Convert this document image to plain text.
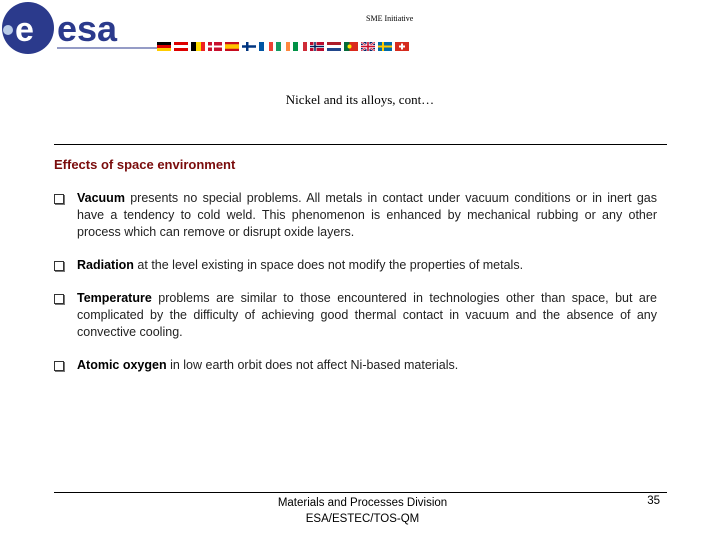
e esa	SME Initiative
Nickel and its alloys, cont…
Effects of space environment
Vacuum presents no special problems. All metals in contact under vacuum conditions or in inert gas have a tendency to cold weld. This phenomenon is enhanced by mechanical rubbing or any other process which can remove or disrupt oxide layers.
Radiation at the level existing in space does not modify the properties of metals.
Temperature problems are similar to those encountered in technologies other than space, but are complicated by the difficulty of achieving good thermal contact in vacuum and the absence of any convective cooling.
Atomic oxygen in low earth orbit does not affect Ni-based materials.
Materials and Processes Division
ESA/ESTEC/TOS-QM
35
